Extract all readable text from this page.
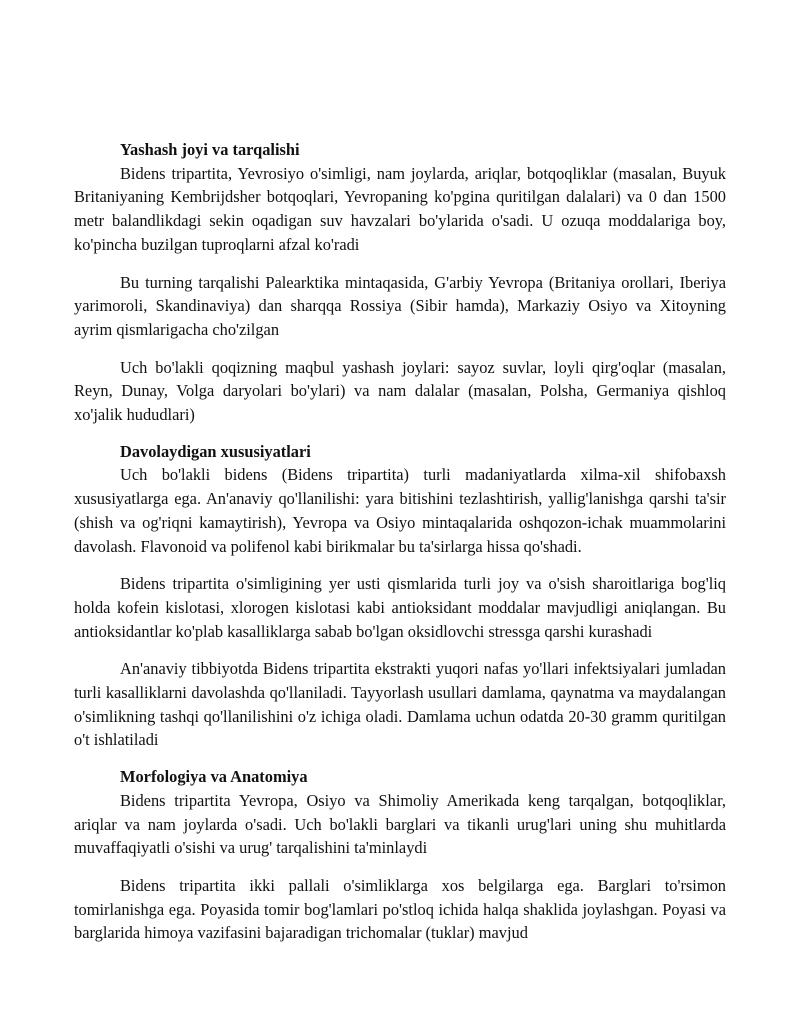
Yashash joyi va tarqalishi

Bidens tripartita, Yevrosiyo o'simligi, nam joylarda, ariqlar, botqoqliklar (masalan, Buyuk Britaniyaning Kembrijdsher botqoqlari, Yevropaning ko'pgina quritilgan dalalari) va 0 dan 1500 metr balandlikdagi sekin oqadigan suv havzalari bo'ylarida o'sadi. U ozuqa moddalariga boy, ko'pincha buzilgan tuproqlarni afzal ko'radi

Bu turning tarqalishi Palearktika mintaqasida, G'arbiy Yevropa (Britaniya orollari, Iberiya yarimoroli, Skandinaviya) dan sharqqa Rossiya (Sibir hamda), Markaziy Osiyo va Xitoyning ayrim qismlarigacha cho'zilgan

Uch bo'lakli qoqizning maqbul yashash joylari: sayoz suvlar, loyli qirg'oqlar (masalan, Reyn, Dunay, Volga daryolari bo'ylari) va nam dalalar (masalan, Polsha, Germaniya qishloq xo'jalik hududlari)

Davolaydigan xususiyatlari

Uch bo'lakli bidens (Bidens tripartita) turli madaniyatlarda xilma-xil shifobaxsh xususiyatlarga ega. An'anaviy qo'llanilishi: yara bitishini tezlashtirish, yallig'lanishga qarshi ta'sir (shish va og'riqni kamaytirish), Yevropa va Osiyo mintaqalarida oshqozon-ichak muammolarini davolash. Flavonoid va polifenol kabi birikmalar bu ta'sirlarga hissa qo'shadi.

Bidens tripartita o'simligining yer usti qismlarida turli joy va o'sish sharoitlariga bog'liq holda kofein kislotasi, xlorogen kislotasi kabi antioksidant moddalar mavjudligi aniqlangan. Bu antioksidantlar ko'plab kasalliklarga sabab bo'lgan oksidlovchi stressga qarshi kurashadi

An'anaviy tibbiyotda Bidens tripartita ekstrakti yuqori nafas yo'llari infektsiyalari jumladan turli kasalliklarni davolashda qo'llaniladi. Tayyorlash usullari damlama, qaynatma va maydalangan o'simlikning tashqi qo'llanilishini o'z ichiga oladi. Damlama uchun odatda 20-30 gramm quritilgan o't ishlatiladi

Morfologiya va Anatomiya

Bidens tripartita Yevropa, Osiyo va Shimoliy Amerikada keng tarqalgan, botqoqliklar, ariqlar va nam joylarda o'sadi. Uch bo'lakli barglari va tikanli urug'lari uning shu muhitlarda muvaffaqiyatli o'sishi va urug' tarqalishini ta'minlaydi

Bidens tripartita ikki pallali o'simliklarga xos belgilarga ega. Barglari to'rsimon tomirlanishga ega. Poyasida tomir bog'lamlari po'stloq ichida halqa shaklida joylashgan. Poyasi va barglarida himoya vazifasini bajaradigan trichomalar (tuklar) mavjud
